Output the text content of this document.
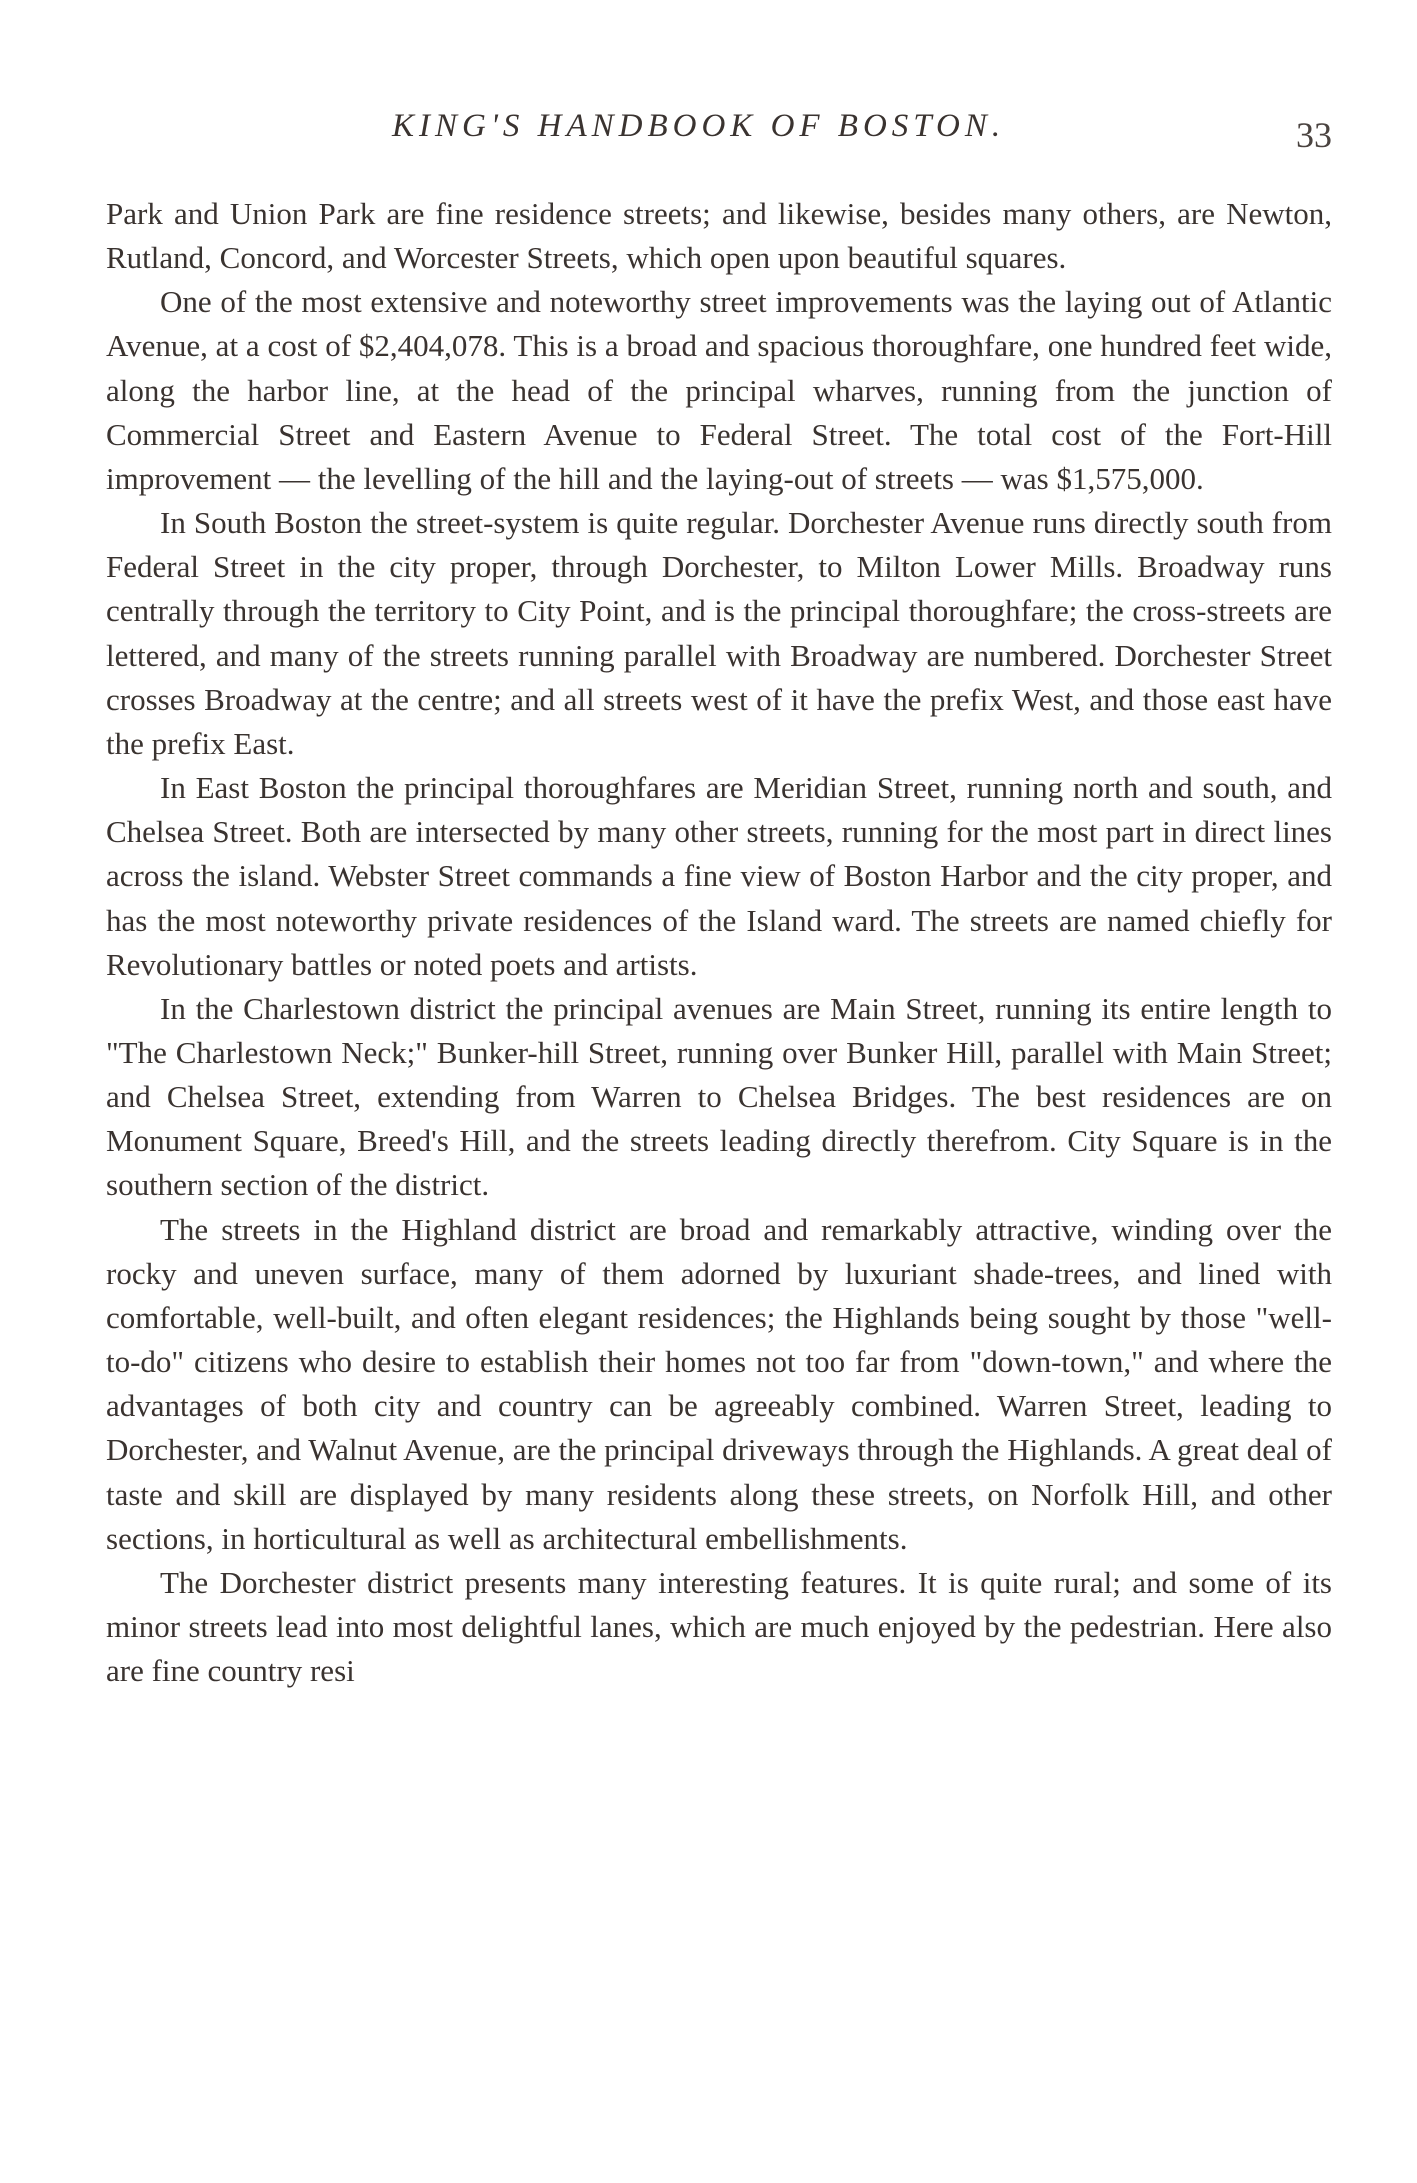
KING'S HANDBOOK OF BOSTON.	33

Park and Union Park are fine residence streets; and likewise, besides many others, are Newton, Rutland, Concord, and Worcester Streets, which open upon beautiful squares.

One of the most extensive and noteworthy street improvements was the laying out of Atlantic Avenue, at a cost of $2,404,078. This is a broad and spacious thoroughfare, one hundred feet wide, along the harbor line, at the head of the principal wharves, running from the junction of Commercial Street and Eastern Avenue to Federal Street. The total cost of the Fort-Hill improvement — the levelling of the hill and the laying-out of streets — was $1,575,000.

In South Boston the street-system is quite regular. Dorchester Avenue runs directly south from Federal Street in the city proper, through Dorchester, to Milton Lower Mills. Broadway runs centrally through the territory to City Point, and is the principal thoroughfare; the cross-streets are lettered, and many of the streets running parallel with Broadway are numbered. Dorchester Street crosses Broadway at the centre; and all streets west of it have the prefix West, and those east have the prefix East.

In East Boston the principal thoroughfares are Meridian Street, running north and south, and Chelsea Street. Both are intersected by many other streets, running for the most part in direct lines across the island. Webster Street commands a fine view of Boston Harbor and the city proper, and has the most noteworthy private residences of the Island ward. The streets are named chiefly for Revolutionary battles or noted poets and artists.

In the Charlestown district the principal avenues are Main Street, running its entire length to "The Charlestown Neck;" Bunker-hill Street, running over Bunker Hill, parallel with Main Street; and Chelsea Street, extending from Warren to Chelsea Bridges. The best residences are on Monument Square, Breed's Hill, and the streets leading directly therefrom. City Square is in the southern section of the district.

The streets in the Highland district are broad and remarkably attractive, winding over the rocky and uneven surface, many of them adorned by luxuriant shade-trees, and lined with comfortable, well-built, and often elegant residences; the Highlands being sought by those "well-to-do" citizens who desire to establish their homes not too far from "down-town," and where the advantages of both city and country can be agreeably combined. Warren Street, leading to Dorchester, and Walnut Avenue, are the principal driveways through the Highlands. A great deal of taste and skill are displayed by many residents along these streets, on Norfolk Hill, and other sections, in horticultural as well as architectural embellishments.

The Dorchester district presents many interesting features. It is quite rural; and some of its minor streets lead into most delightful lanes, which are much enjoyed by the pedestrian. Here also are fine country resi
